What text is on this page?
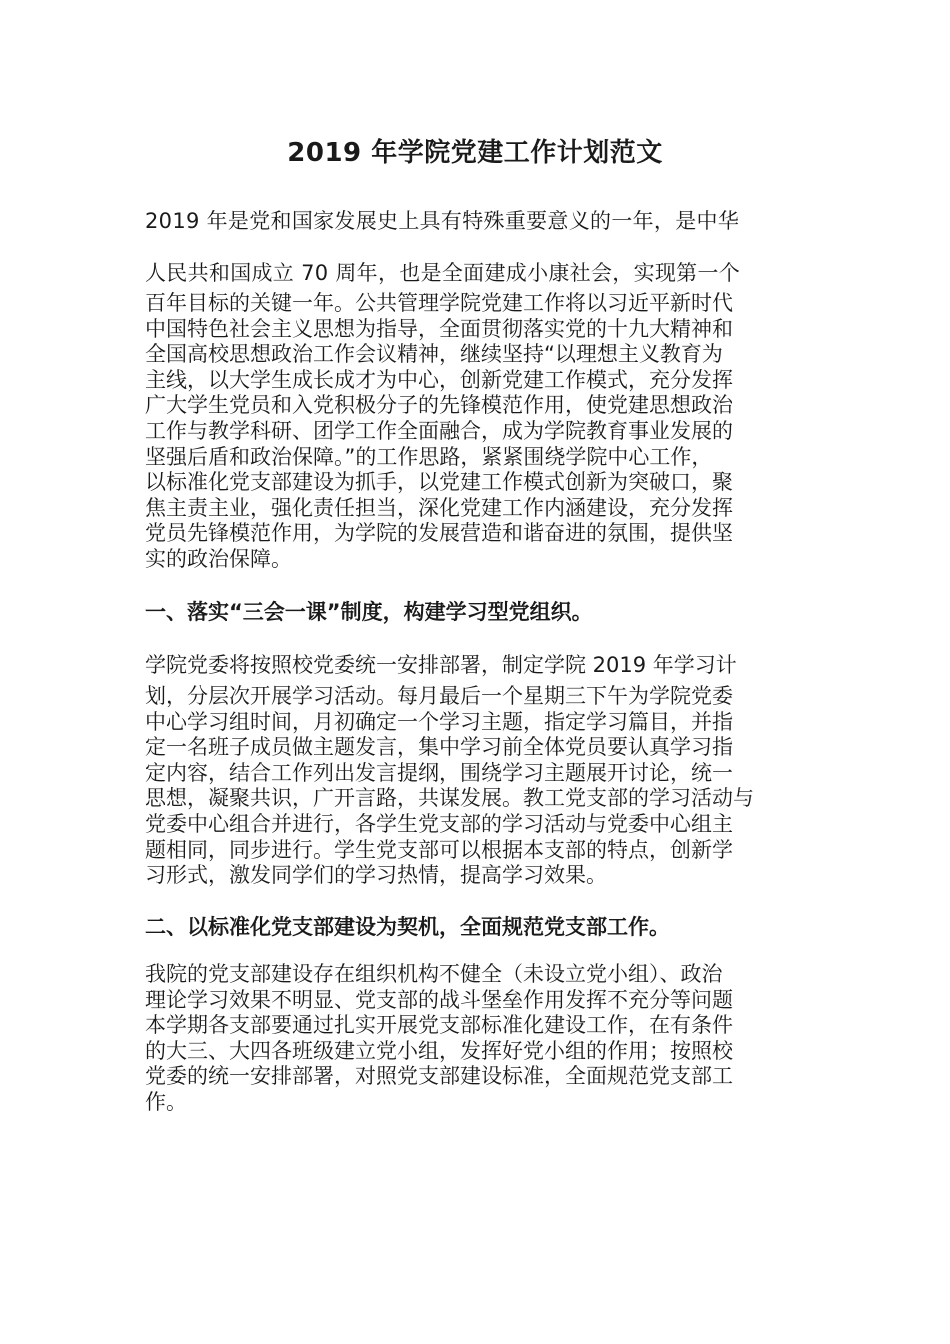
2019 年学院党建工作计划范文

2019 年是党和国家发展史上具有特殊重要意义的一年，是中华

人民共和国成立 70 周年，也是全面建成小康社会，实现第一个

百年目标的关键一年。公共管理学院党建工作将以习近平新时代
中国特色社会主义思想为指导，全面贯彻落实党的十九大精神和
全国高校思想政治工作会议精神，继续坚持“以理想主义教育为
主线，以大学生成长成才为中心，创新党建工作模式，充分发挥
广大学生党员和入党积极分子的先锋模范作用，使党建思想政治
工作与教学科研、团学工作全面融合，成为学院教育事业发展的
坚强后盾和政治保障。”的工作思路，紧紧围绕学院中心工作，
以标准化党支部建设为抓手，以党建工作模式创新为突破口，聚
焦主责主业，强化责任担当，深化党建工作内涵建设，充分发挥
党员先锋模范作用，为学院的发展营造和谐奋进的氛围，提供坚
实的政治保障。
一、落实“三会一课”制度，构建学习型党组织。

学院党委将按照校党委统一安排部署，制定学院 2019 年学习计

划，分层次开展学习活动。每月最后一个星期三下午为学院党委
中心学习组时间，月初确定一个学习主题，指定学习篇目，并指
定一名班子成员做主题发言，集中学习前全体党员要认真学习指
定内容，结合工作列出发言提纲，围绕学习主题展开讨论，统一
思想，凝聚共识，广开言路，共谋发展。教工党支部的学习活动与
党委中心组合并进行，各学生党支部的学习活动与党委中心组主
题相同，同步进行。学生党支部可以根据本支部的特点，创新学
习形式，激发同学们的学习热情，提高学习效果。
二、以标准化党支部建设为契机，全面规范党支部工作。
我院的党支部建设存在组织机构不健全（未设立党小组）、政治
理论学习效果不明显、党支部的战斗堡垒作用发挥不充分等问题
本学期各支部要通过扎实开展党支部标准化建设工作，在有条件
的大三、大四各班级建立党小组，发挥好党小组的作用；按照校
党委的统一安排部署，对照党支部建设标准，全面规范党支部工
作。
